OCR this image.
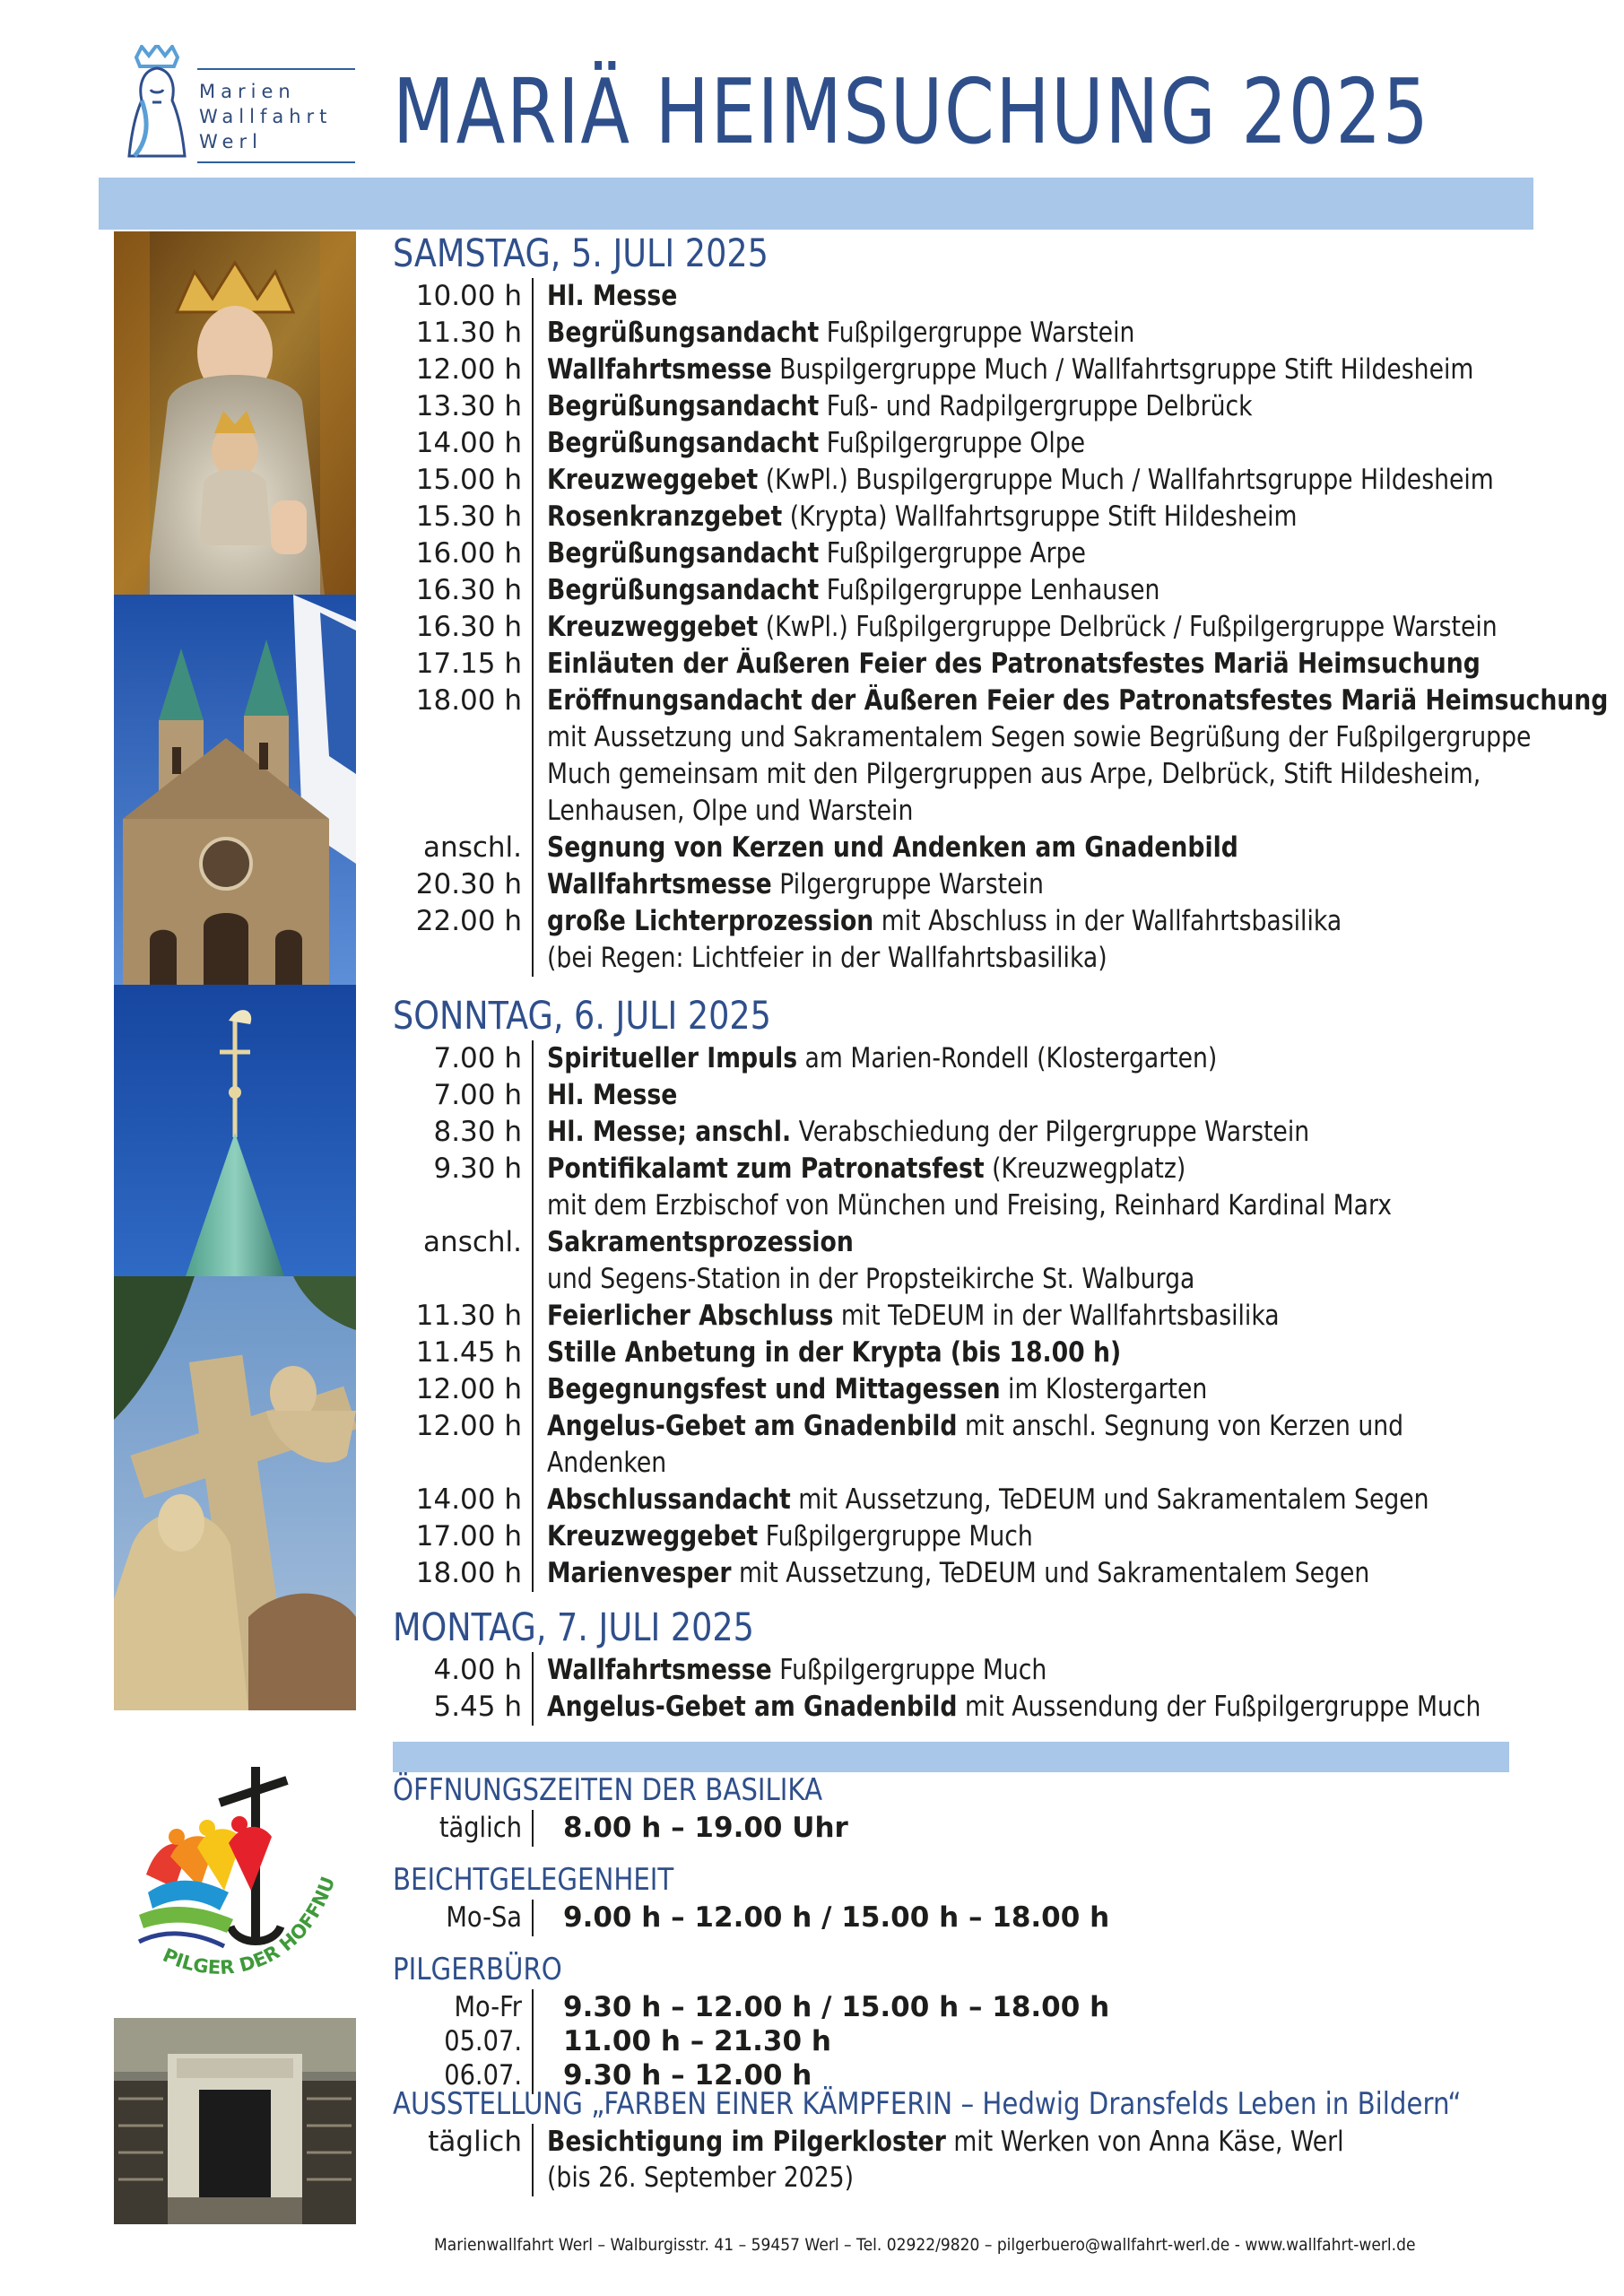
Marien
Wallfahrt
Werl	MARIÄ HEIMSUCHUNG 2025
PILGER DER HOFFNU
SAMSTAG, 5. JULI 2025
10.00 h Hl. Messe
11.30 h Begrüßungsandacht Fußpilgergruppe Warstein
12.00 h Wallfahrtsmesse Buspilgergruppe Much / Wallfahrtsgruppe Stift Hildesheim
13.30 h Begrüßungsandacht Fuß- und Radpilgergruppe Delbrück
14.00 h Begrüßungsandacht Fußpilgergruppe Olpe
15.00 h Kreuzweggebet (KwPl.) Buspilgergruppe Much / Wallfahrtsgruppe Hildesheim
15.30 h Rosenkranzgebet (Krypta) Wallfahrtsgruppe Stift Hildesheim
16.00 h Begrüßungsandacht Fußpilgergruppe Arpe
16.30 h Begrüßungsandacht Fußpilgergruppe Lenhausen
16.30 h Kreuzweggebet (KwPl.) Fußpilgergruppe Delbrück / Fußpilgergruppe Warstein
17.15 h Einläuten der Äußeren Feier des Patronatsfestes Mariä Heimsuchung
18.00 h Eröffnungsandacht der Äußeren Feier des Patronatsfestes Mariä Heimsuchung
mit Aussetzung und Sakramentalem Segen sowie Begrüßung der Fußpilgergruppe
Much gemeinsam mit den Pilgergruppen aus Arpe, Delbrück, Stift Hildesheim,
Lenhausen, Olpe und Warstein
anschl. Segnung von Kerzen und Andenken am Gnadenbild
20.30 h Wallfahrtsmesse Pilgergruppe Warstein
22.00 h große Lichterprozession mit Abschluss in der Wallfahrtsbasilika
(bei Regen: Lichtfeier in der Wallfahrtsbasilika)
SONNTAG, 6. JULI 2025
7.00 h Spiritueller Impuls am Marien-Rondell (Klostergarten)
7.00 h Hl. Messe
8.30 h Hl. Messe; anschl. Verabschiedung der Pilgergruppe Warstein
9.30 h Pontifikalamt zum Patronatsfest (Kreuzwegplatz)
mit dem Erzbischof von München und Freising, Reinhard Kardinal Marx
anschl. Sakramentsprozession
und Segens-Station in der Propsteikirche St. Walburga
11.30 h Feierlicher Abschluss mit TeDEUM in der Wallfahrtsbasilika
11.45 h Stille Anbetung in der Krypta (bis 18.00 h)
12.00 h Begegnungsfest und Mittagessen im Klostergarten
12.00 h Angelus-Gebet am Gnadenbild mit anschl. Segnung von Kerzen und
Andenken
14.00 h Abschlussandacht mit Aussetzung, TeDEUM und Sakramentalem Segen
17.00 h Kreuzweggebet Fußpilgergruppe Much
18.00 h Marienvesper mit Aussetzung, TeDEUM und Sakramentalem Segen
MONTAG, 7. JULI 2025
4.00 h Wallfahrtsmesse Fußpilgergruppe Much
5.45 h Angelus-Gebet am Gnadenbild mit Aussendung der Fußpilgergruppe Much
ÖFFNUNGSZEITEN DER BASILIKA
täglich 8.00 h – 19.00 Uhr
BEICHTGELEGENHEIT
Mo-Sa 9.00 h – 12.00 h / 15.00 h – 18.00 h
PILGERBÜRO
Mo-Fr 9.30 h – 12.00 h / 15.00 h – 18.00 h
05.07. 11.00 h – 21.30 h
06.07. 9.30 h – 12.00 h
AUSSTELLUNG „FARBEN EINER KÄMPFERIN – Hedwig Dransfelds Leben in Bildern“
täglich Besichtigung im Pilgerkloster mit Werken von Anna Käse, Werl
(bis 26. September 2025)
Marienwallfahrt Werl – Walburgisstr. 41 – 59457 Werl – Tel. 02922/9820 – pilgerbuero@wallfahrt-werl.de - www.wallfahrt-werl.de
